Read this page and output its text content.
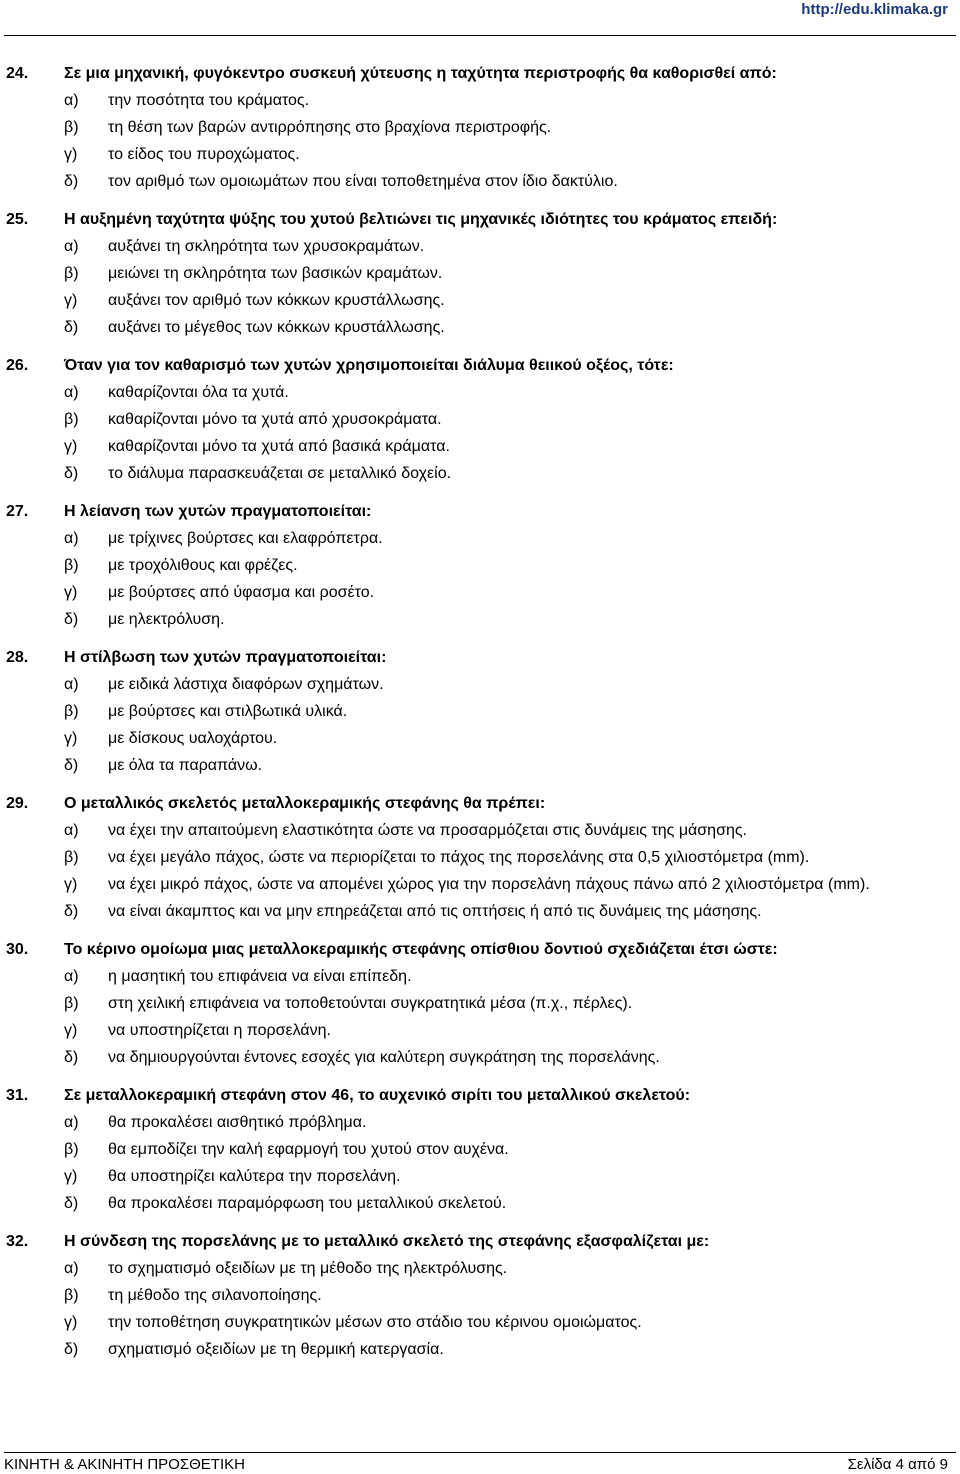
http://edu.klimaka.gr
24.	Σε μια μηχανική, φυγόκεντρο συσκευή χύτευσης η ταχύτητα περιστροφής θα καθορισθεί από:
α)	την ποσότητα του κράματος.
β)	τη θέση των βαρών αντιρρόπησης στο βραχίονα περιστροφής.
γ)	το είδος του πυροχώματος.
δ)	τον αριθμό των ομοιωμάτων που είναι τοποθετημένα στον ίδιο δακτύλιο.
25.	Η αυξημένη ταχύτητα ψύξης του χυτού βελτιώνει τις μηχανικές ιδιότητες του κράματος επειδή:
α)	αυξάνει τη σκληρότητα των χρυσοκραμάτων.
β)	μειώνει τη σκληρότητα των βασικών κραμάτων.
γ)	αυξάνει τον αριθμό των κόκκων κρυστάλλωσης.
δ)	αυξάνει το μέγεθος των κόκκων κρυστάλλωσης.
26.	Όταν για τον καθαρισμό των χυτών χρησιμοποιείται διάλυμα θειικού οξέος, τότε:
α)	καθαρίζονται όλα τα χυτά.
β)	καθαρίζονται μόνο τα χυτά από χρυσοκράματα.
γ)	καθαρίζονται μόνο τα χυτά από βασικά κράματα.
δ)	το διάλυμα παρασκευάζεται σε μεταλλικό δοχείο.
27.	Η λείανση των χυτών πραγματοποιείται:
α)	με τρίχινες βούρτσες και ελαφρόπετρα.
β)	με τροχόλιθους και φρέζες.
γ)	με βούρτσες από ύφασμα και ροσέτο.
δ)	με ηλεκτρόλυση.
28.	Η στίλβωση των χυτών πραγματοποιείται:
α)	με ειδικά λάστιχα διαφόρων σχημάτων.
β)	με βούρτσες και στιλβωτικά υλικά.
γ)	με δίσκους υαλοχάρτου.
δ)	με όλα τα παραπάνω.
29.	Ο μεταλλικός σκελετός μεταλλοκεραμικής στεφάνης θα πρέπει:
α)	να έχει την απαιτούμενη ελαστικότητα ώστε να προσαρμόζεται στις δυνάμεις της μάσησης.
β)	να έχει μεγάλο πάχος, ώστε να περιορίζεται το πάχος της πορσελάνης στα 0,5 χιλιοστόμετρα (mm).
γ)	να έχει μικρό πάχος, ώστε να απομένει χώρος για την πορσελάνη πάχους πάνω από 2 χιλιοστόμετρα (mm).
δ)	να είναι άκαμπτος και να μην επηρεάζεται από τις οπτήσεις ή από τις δυνάμεις της μάσησης.
30.	Το κέρινο ομοίωμα μιας μεταλλοκεραμικής στεφάνης οπίσθιου δοντιού σχεδιάζεται έτσι ώστε:
α)	η μασητική του επιφάνεια να είναι επίπεδη.
β)	στη χειλική επιφάνεια να τοποθετούνται συγκρατητικά μέσα (π.χ., πέρλες).
γ)	να υποστηρίζεται η πορσελάνη.
δ)	να δημιουργούνται έντονες εσοχές για καλύτερη συγκράτηση της πορσελάνης.
31.	Σε μεταλλοκεραμική στεφάνη στον 46, το αυχενικό σιρίτι του μεταλλικού σκελετού:
α)	θα προκαλέσει αισθητικό πρόβλημα.
β)	θα εμποδίζει την καλή εφαρμογή του χυτού στον αυχένα.
γ)	θα υποστηρίζει καλύτερα την πορσελάνη.
δ)	θα προκαλέσει παραμόρφωση του μεταλλικού σκελετού.
32.	Η σύνδεση της πορσελάνης με το μεταλλικό σκελετό της στεφάνης εξασφαλίζεται με:
α)	το σχηματισμό οξειδίων με τη μέθοδο της ηλεκτρόλυσης.
β)	τη μέθοδο της σιλανοποίησης.
γ)	την τοποθέτηση συγκρατητικών μέσων στο στάδιο του κέρινου ομοιώματος.
δ)	σχηματισμό οξειδίων με τη θερμική κατεργασία.
ΚΙΝΗΤΗ & ΑΚΙΝΗΤΗ ΠΡΟΣΘΕΤΙΚΗ	Σελίδα 4 από 9
